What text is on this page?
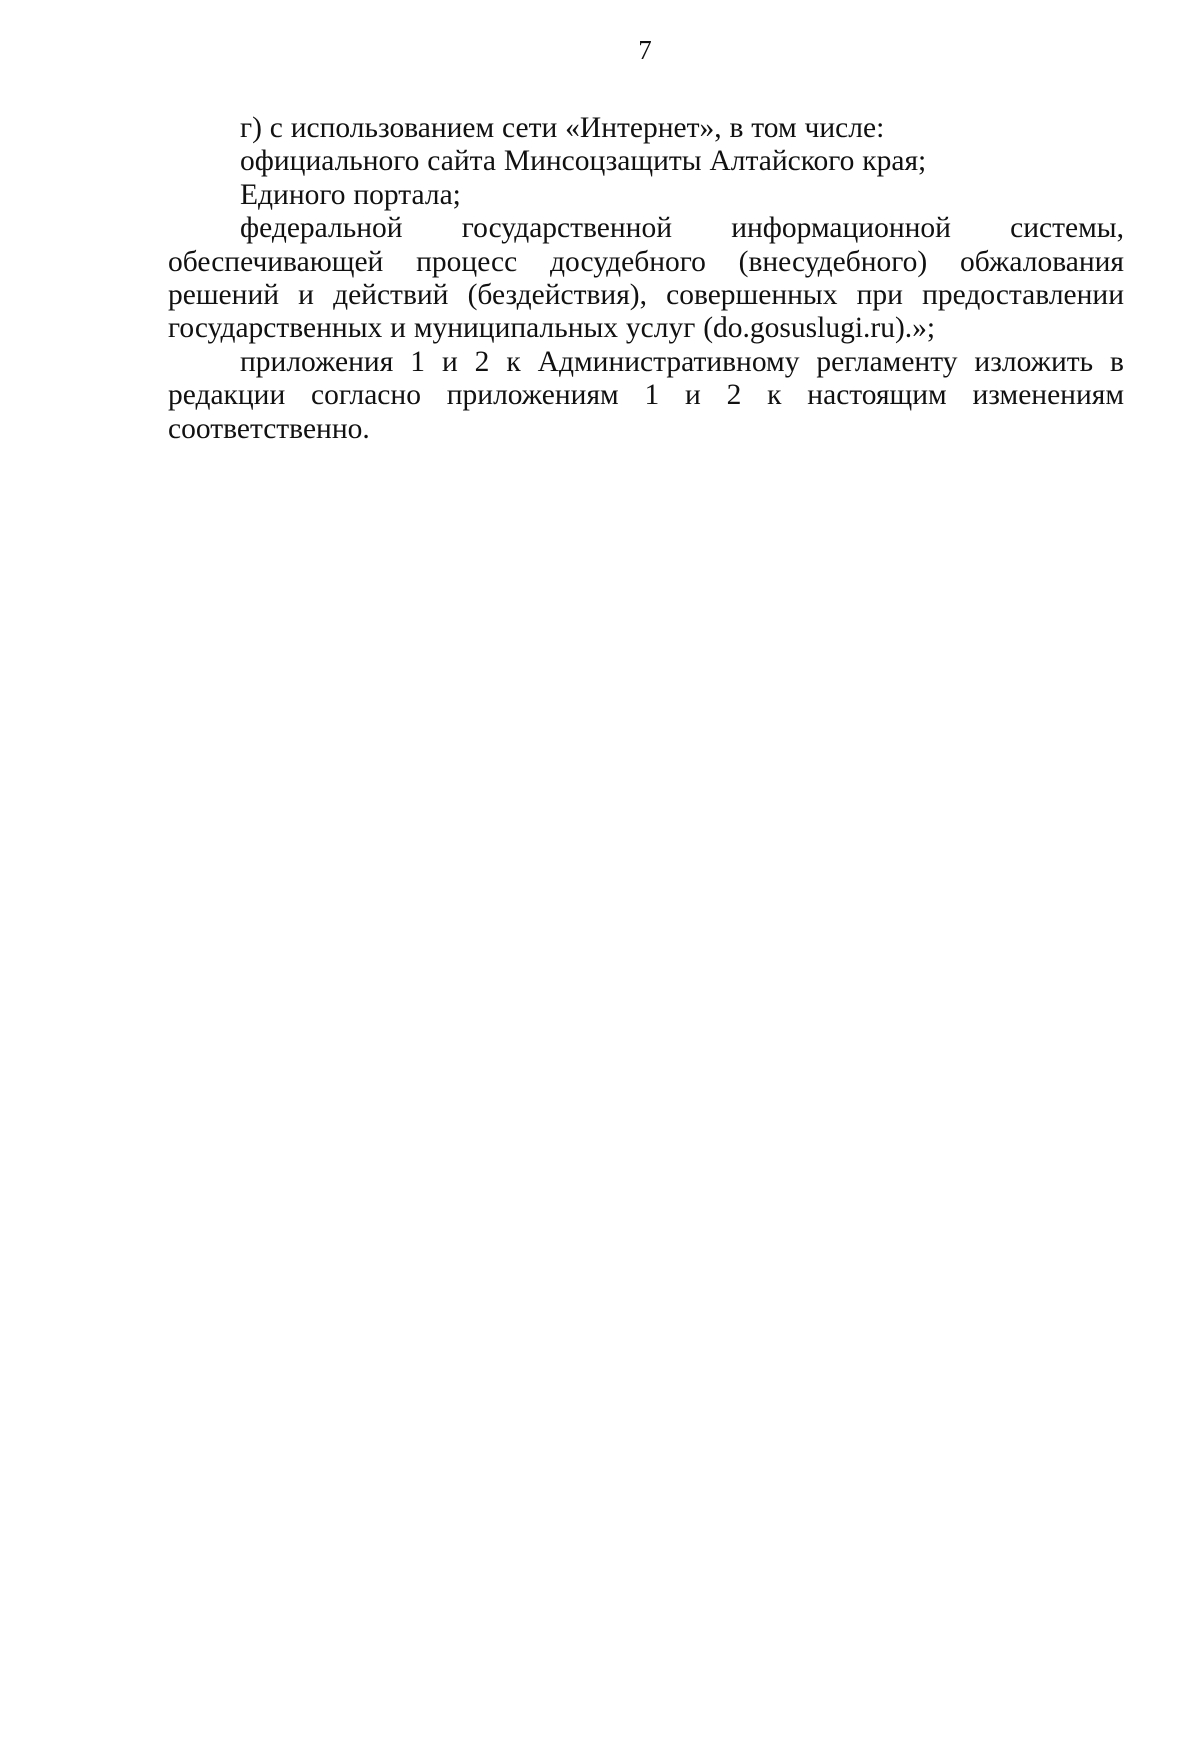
7

г) с использованием сети «Интернет», в том числе:

официального сайта Минсоцзащиты Алтайского края;

Единого портала;

федеральной государственной информационной системы, обеспечивающей процесс досудебного (внесудебного) обжалования решений и действий (бездействия), совершенных при предоставлении государственных и муниципальных услуг (do.gosuslugi.ru).»;

приложения 1 и 2 к Административному регламенту изложить в редакции согласно приложениям 1 и 2 к настоящим изменениям соответственно.
